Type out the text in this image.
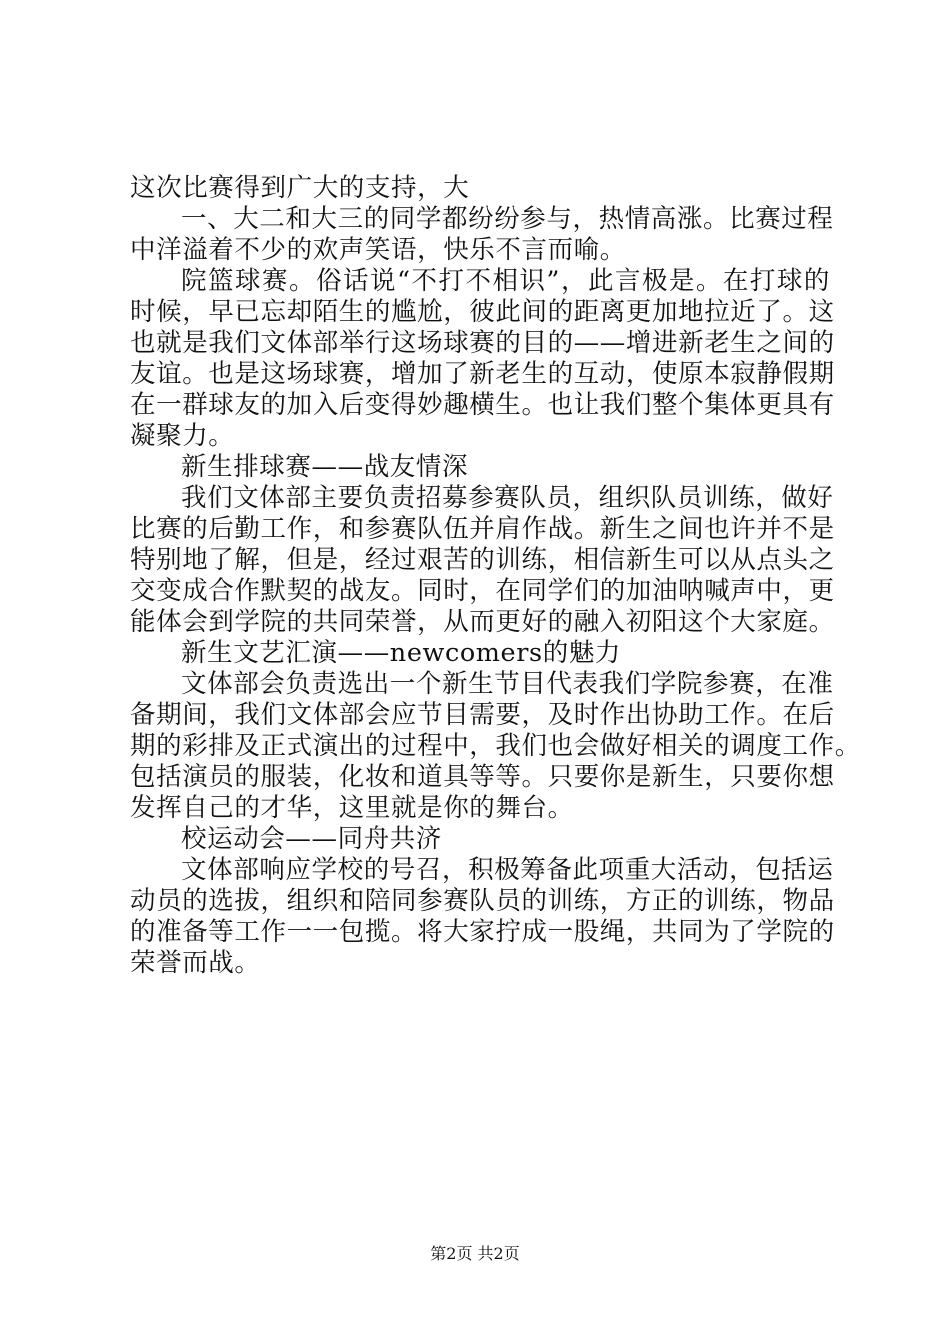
这次比赛得到广大的支持，大
一、大二和大三的同学都纷纷参与，热情高涨。比赛过程
中洋溢着不少的欢声笑语，快乐不言而喻。
院篮球赛。俗话说“不打不相识”，此言极是。在打球的
时候，早已忘却陌生的尴尬，彼此间的距离更加地拉近了。这
也就是我们文体部举行这场球赛的目的——增进新老生之间的
友谊。也是这场球赛，增加了新老生的互动，使原本寂静假期
在一群球友的加入后变得妙趣横生。也让我们整个集体更具有
凝聚力。
新生排球赛——战友情深
我们文体部主要负责招募参赛队员，组织队员训练，做好
比赛的后勤工作，和参赛队伍并肩作战。新生之间也许并不是
特别地了解，但是，经过艰苦的训练，相信新生可以从点头之
交变成合作默契的战友。同时，在同学们的加油呐喊声中，更
能体会到学院的共同荣誉，从而更好的融入初阳这个大家庭。
新生文艺汇演——newcomers的魅力
文体部会负责选出一个新生节目代表我们学院参赛，在准
备期间，我们文体部会应节目需要，及时作出协助工作。在后
期的彩排及正式演出的过程中，我们也会做好相关的调度工作。
包括演员的服装，化妆和道具等等。只要你是新生，只要你想
发挥自己的才华，这里就是你的舞台。
校运动会——同舟共济
文体部响应学校的号召，积极筹备此项重大活动，包括运
动员的选拔，组织和陪同参赛队员的训练，方正的训练，物品
的准备等工作一一包揽。将大家拧成一股绳，共同为了学院的
荣誉而战。
第2页 共2页
